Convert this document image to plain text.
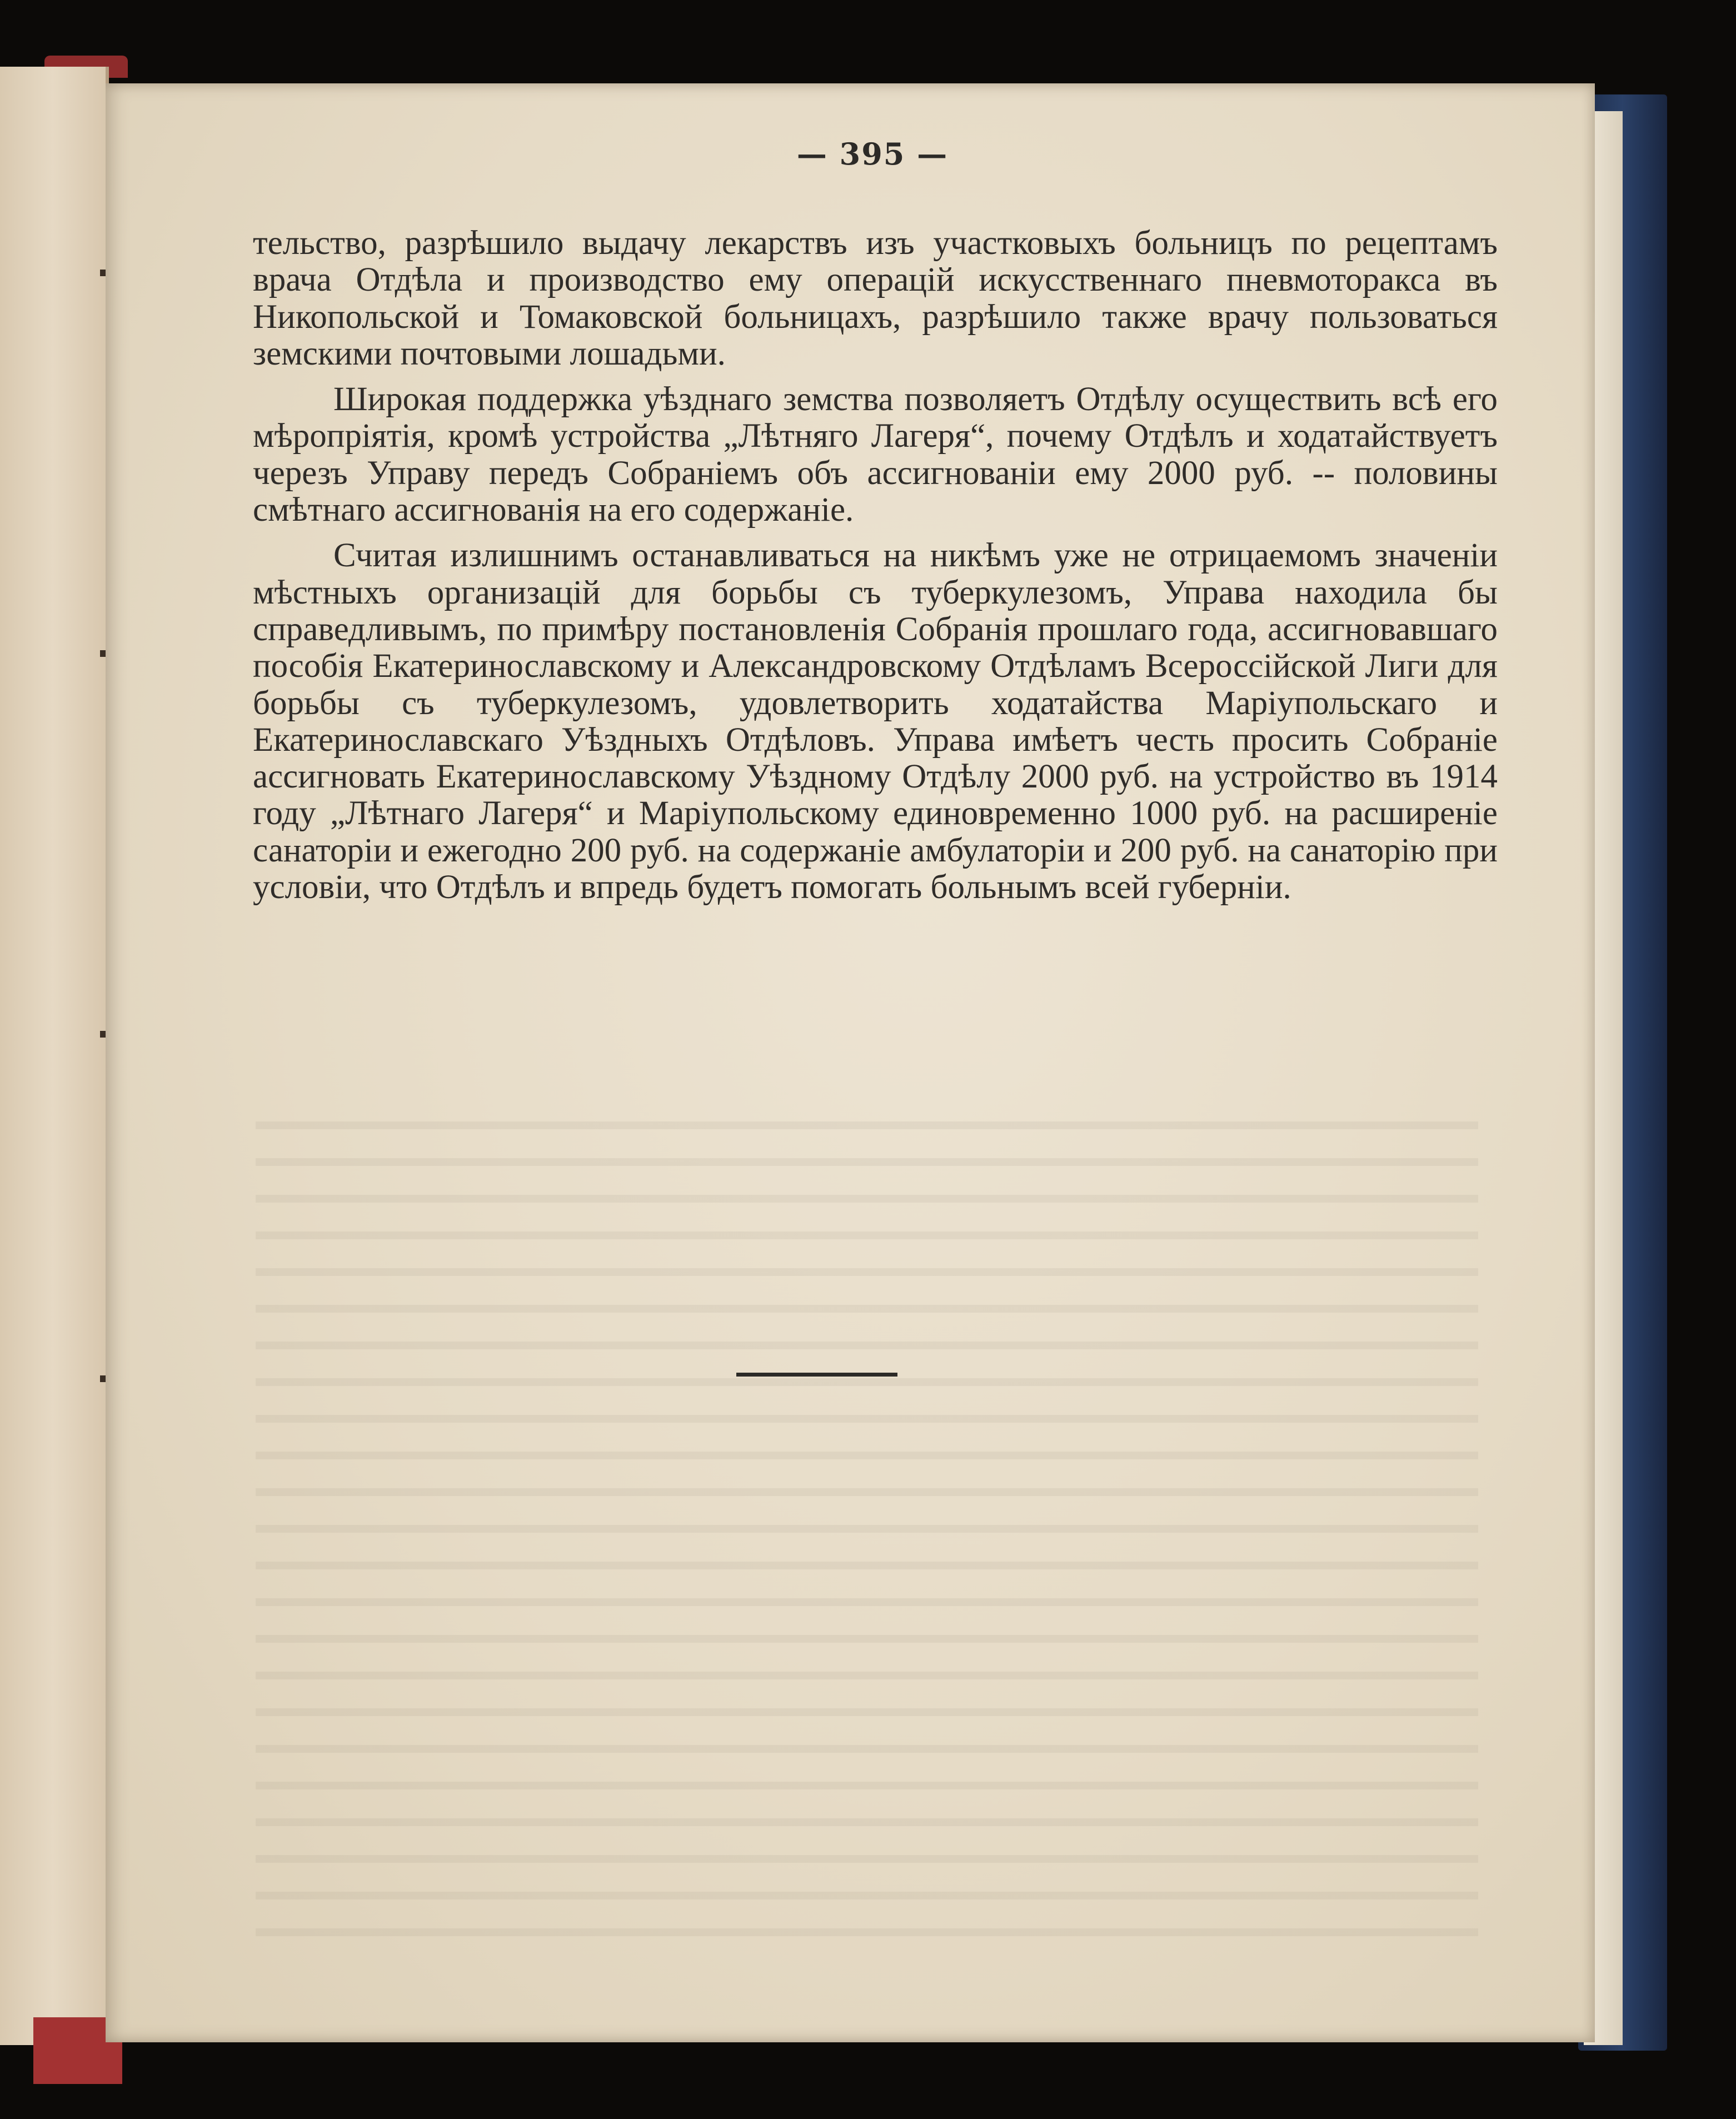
— 395 —

тельство, разрѣшило выдачу лекарствъ изъ участковыхъ больницъ по рецептамъ врача Отдѣла и производство ему операцій искусственнаго пневмоторакса въ Никопольской и Томаковской больницахъ, разрѣшило также врачу пользоваться земскими почтовыми лошадьми.

Широкая поддержка уѣзднаго земства позволяетъ Отдѣлу осуществить всѣ его мѣропріятія, кромѣ устройства „Лѣтняго Лагеря“, почему Отдѣлъ и ходатайствуетъ черезъ Управу передъ Собраніемъ объ ассигнованіи ему 2000 руб. -- половины смѣтнаго ассигнованія на его содержаніе.

Считая излишнимъ останавливаться на никѣмъ уже не отрицаемомъ значеніи мѣстныхъ организацій для борьбы съ туберкулезомъ, Управа находила бы справедливымъ, по примѣру постановленія Собранія прошлаго года, ассигновавшаго пособія Екатеринославскому и Александровскому Отдѣламъ Всероссійской Лиги для борьбы съ туберкулезомъ, удовлетворить ходатайства Маріупольскаго и Екатеринославскаго Уѣздныхъ Отдѣловъ. Управа имѣетъ честь просить Собраніе ассигновать Екатеринославскому Уѣздному Отдѣлу 2000 руб. на устройство въ 1914 году „Лѣтнаго Лагеря“ и Маріупольскому единовременно 1000 руб. на расширеніе санаторіи и ежегодно 200 руб. на содержаніе амбулаторіи и 200 руб. на санаторію при условіи, что Отдѣлъ и впредь будетъ помогать больнымъ всей губерніи.
